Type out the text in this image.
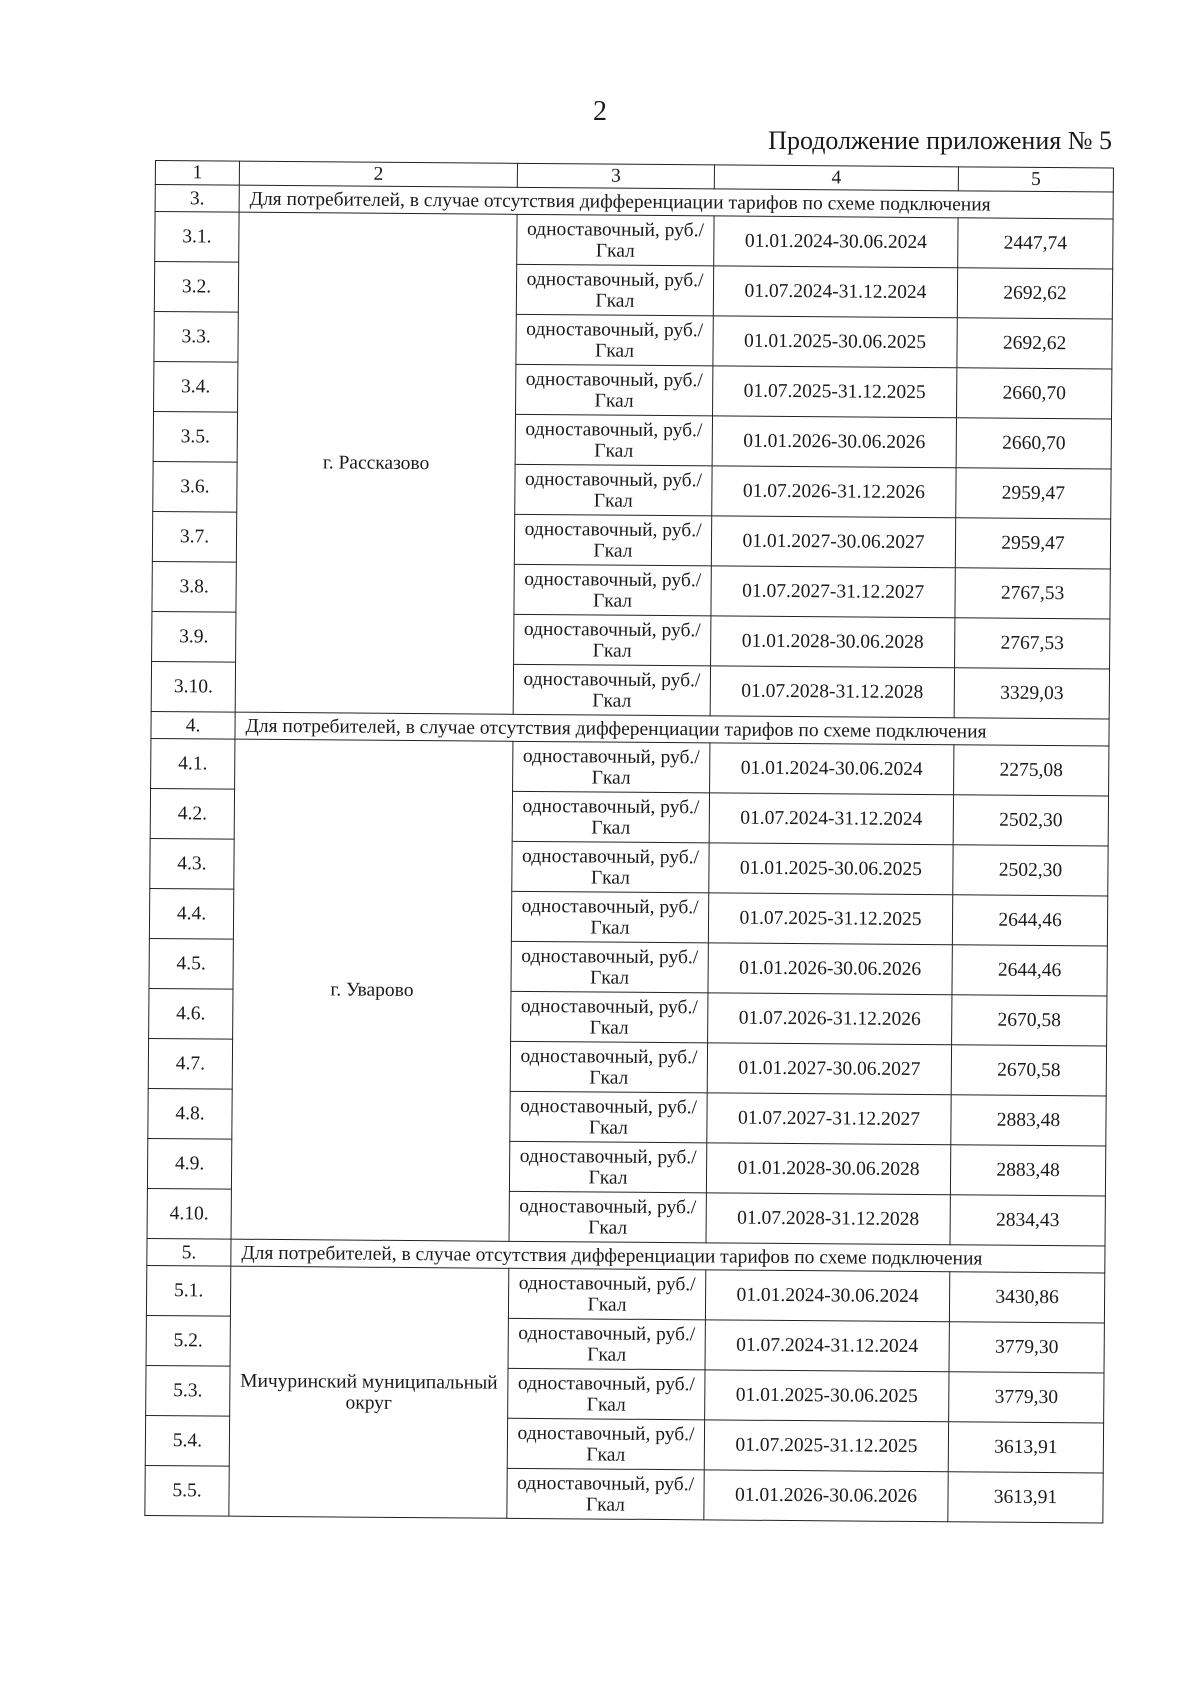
2
Продолжение приложения № 5
1	2	3	4	5
3.	Для потребителей, в случае отсутствия дифференциации тарифов по схеме подключения			
3.1.	г. Рассказово	одноставочный, руб./Гкал	01.01.2024-30.06.2024	2447,74
3.2.		одноставочный, руб./Гкал	01.07.2024-31.12.2024	2692,62
3.3.		одноставочный, руб./Гкал	01.01.2025-30.06.2025	2692,62
3.4.		одноставочный, руб./Гкал	01.07.2025-31.12.2025	2660,70
3.5.		одноставочный, руб./Гкал	01.01.2026-30.06.2026	2660,70
3.6.		одноставочный, руб./Гкал	01.07.2026-31.12.2026	2959,47
3.7.		одноставочный, руб./Гкал	01.01.2027-30.06.2027	2959,47
3.8.		одноставочный, руб./Гкал	01.07.2027-31.12.2027	2767,53
3.9.		одноставочный, руб./Гкал	01.01.2028-30.06.2028	2767,53
3.10.		одноставочный, руб./Гкал	01.07.2028-31.12.2028	3329,03
4.	Для потребителей, в случае отсутствия дифференциации тарифов по схеме подключения			
4.1.	г. Уварово	одноставочный, руб./Гкал	01.01.2024-30.06.2024	2275,08
4.2.		одноставочный, руб./Гкал	01.07.2024-31.12.2024	2502,30
4.3.		одноставочный, руб./Гкал	01.01.2025-30.06.2025	2502,30
4.4.		одноставочный, руб./Гкал	01.07.2025-31.12.2025	2644,46
4.5.		одноставочный, руб./Гкал	01.01.2026-30.06.2026	2644,46
4.6.		одноставочный, руб./Гкал	01.07.2026-31.12.2026	2670,58
4.7.		одноставочный, руб./Гкал	01.01.2027-30.06.2027	2670,58
4.8.		одноставочный, руб./Гкал	01.07.2027-31.12.2027	2883,48
4.9.		одноставочный, руб./Гкал	01.01.2028-30.06.2028	2883,48
4.10.		одноставочный, руб./Гкал	01.07.2028-31.12.2028	2834,43
5.	Для потребителей, в случае отсутствия дифференциации тарифов по схеме подключения			
5.1.	Мичуринский муниципальный округ	одноставочный, руб./Гкал	01.01.2024-30.06.2024	3430,86
5.2.		одноставочный, руб./Гкал	01.07.2024-31.12.2024	3779,30
5.3.		одноставочный, руб./Гкал	01.01.2025-30.06.2025	3779,30
5.4.		одноставочный, руб./Гкал	01.07.2025-31.12.2025	3613,91
5.5.		одноставочный, руб./Гкал	01.01.2026-30.06.2026	3613,91
